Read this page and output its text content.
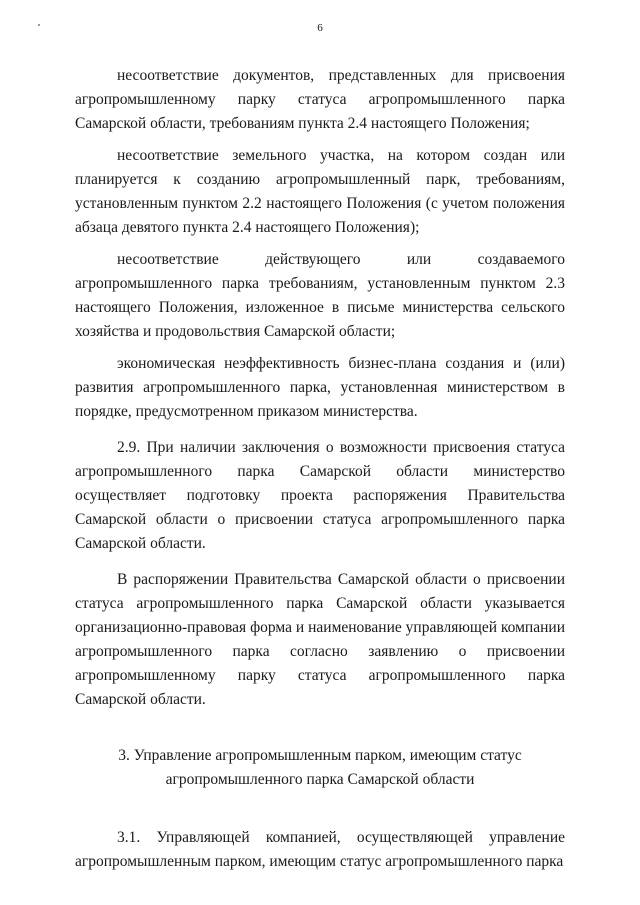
6

несоответствие документов, представленных для присвоения агропромышленному парку статуса агропромышленного парка Самарской области, требованиям пункта 2.4 настоящего Положения;

несоответствие земельного участка, на котором создан или планируется к созданию агропромышленный парк, требованиям, установленным пунктом 2.2 настоящего Положения (с учетом положения абзаца девятого пункта 2.4 настоящего Положения);

несоответствие действующего или создаваемого агропромышленного парка требованиям, установленным пунктом 2.3 настоящего Положения, изложенное в письме министерства сельского хозяйства и продовольствия Самарской области;

экономическая неэффективность бизнес-плана создания и (или) развития агропромышленного парка, установленная министерством в порядке, предусмотренном приказом министерства.

2.9. При наличии заключения о возможности присвоения статуса агропромышленного парка Самарской области министерство осуществляет подготовку проекта распоряжения Правительства Самарской области о присвоении статуса агропромышленного парка Самарской области.

В распоряжении Правительства Самарской области о присвоении статуса агропромышленного парка Самарской области указывается организационно-правовая форма и наименование управляющей компании агропромышленного парка согласно заявлению о присвоении агропромышленному парку статуса агропромышленного парка Самарской области.

3. Управление агропромышленным парком, имеющим статус
агропромышленного парка Самарской области

3.1. Управляющей компанией, осуществляющей управление агропромышленным парком, имеющим статус агропромышленного парка
